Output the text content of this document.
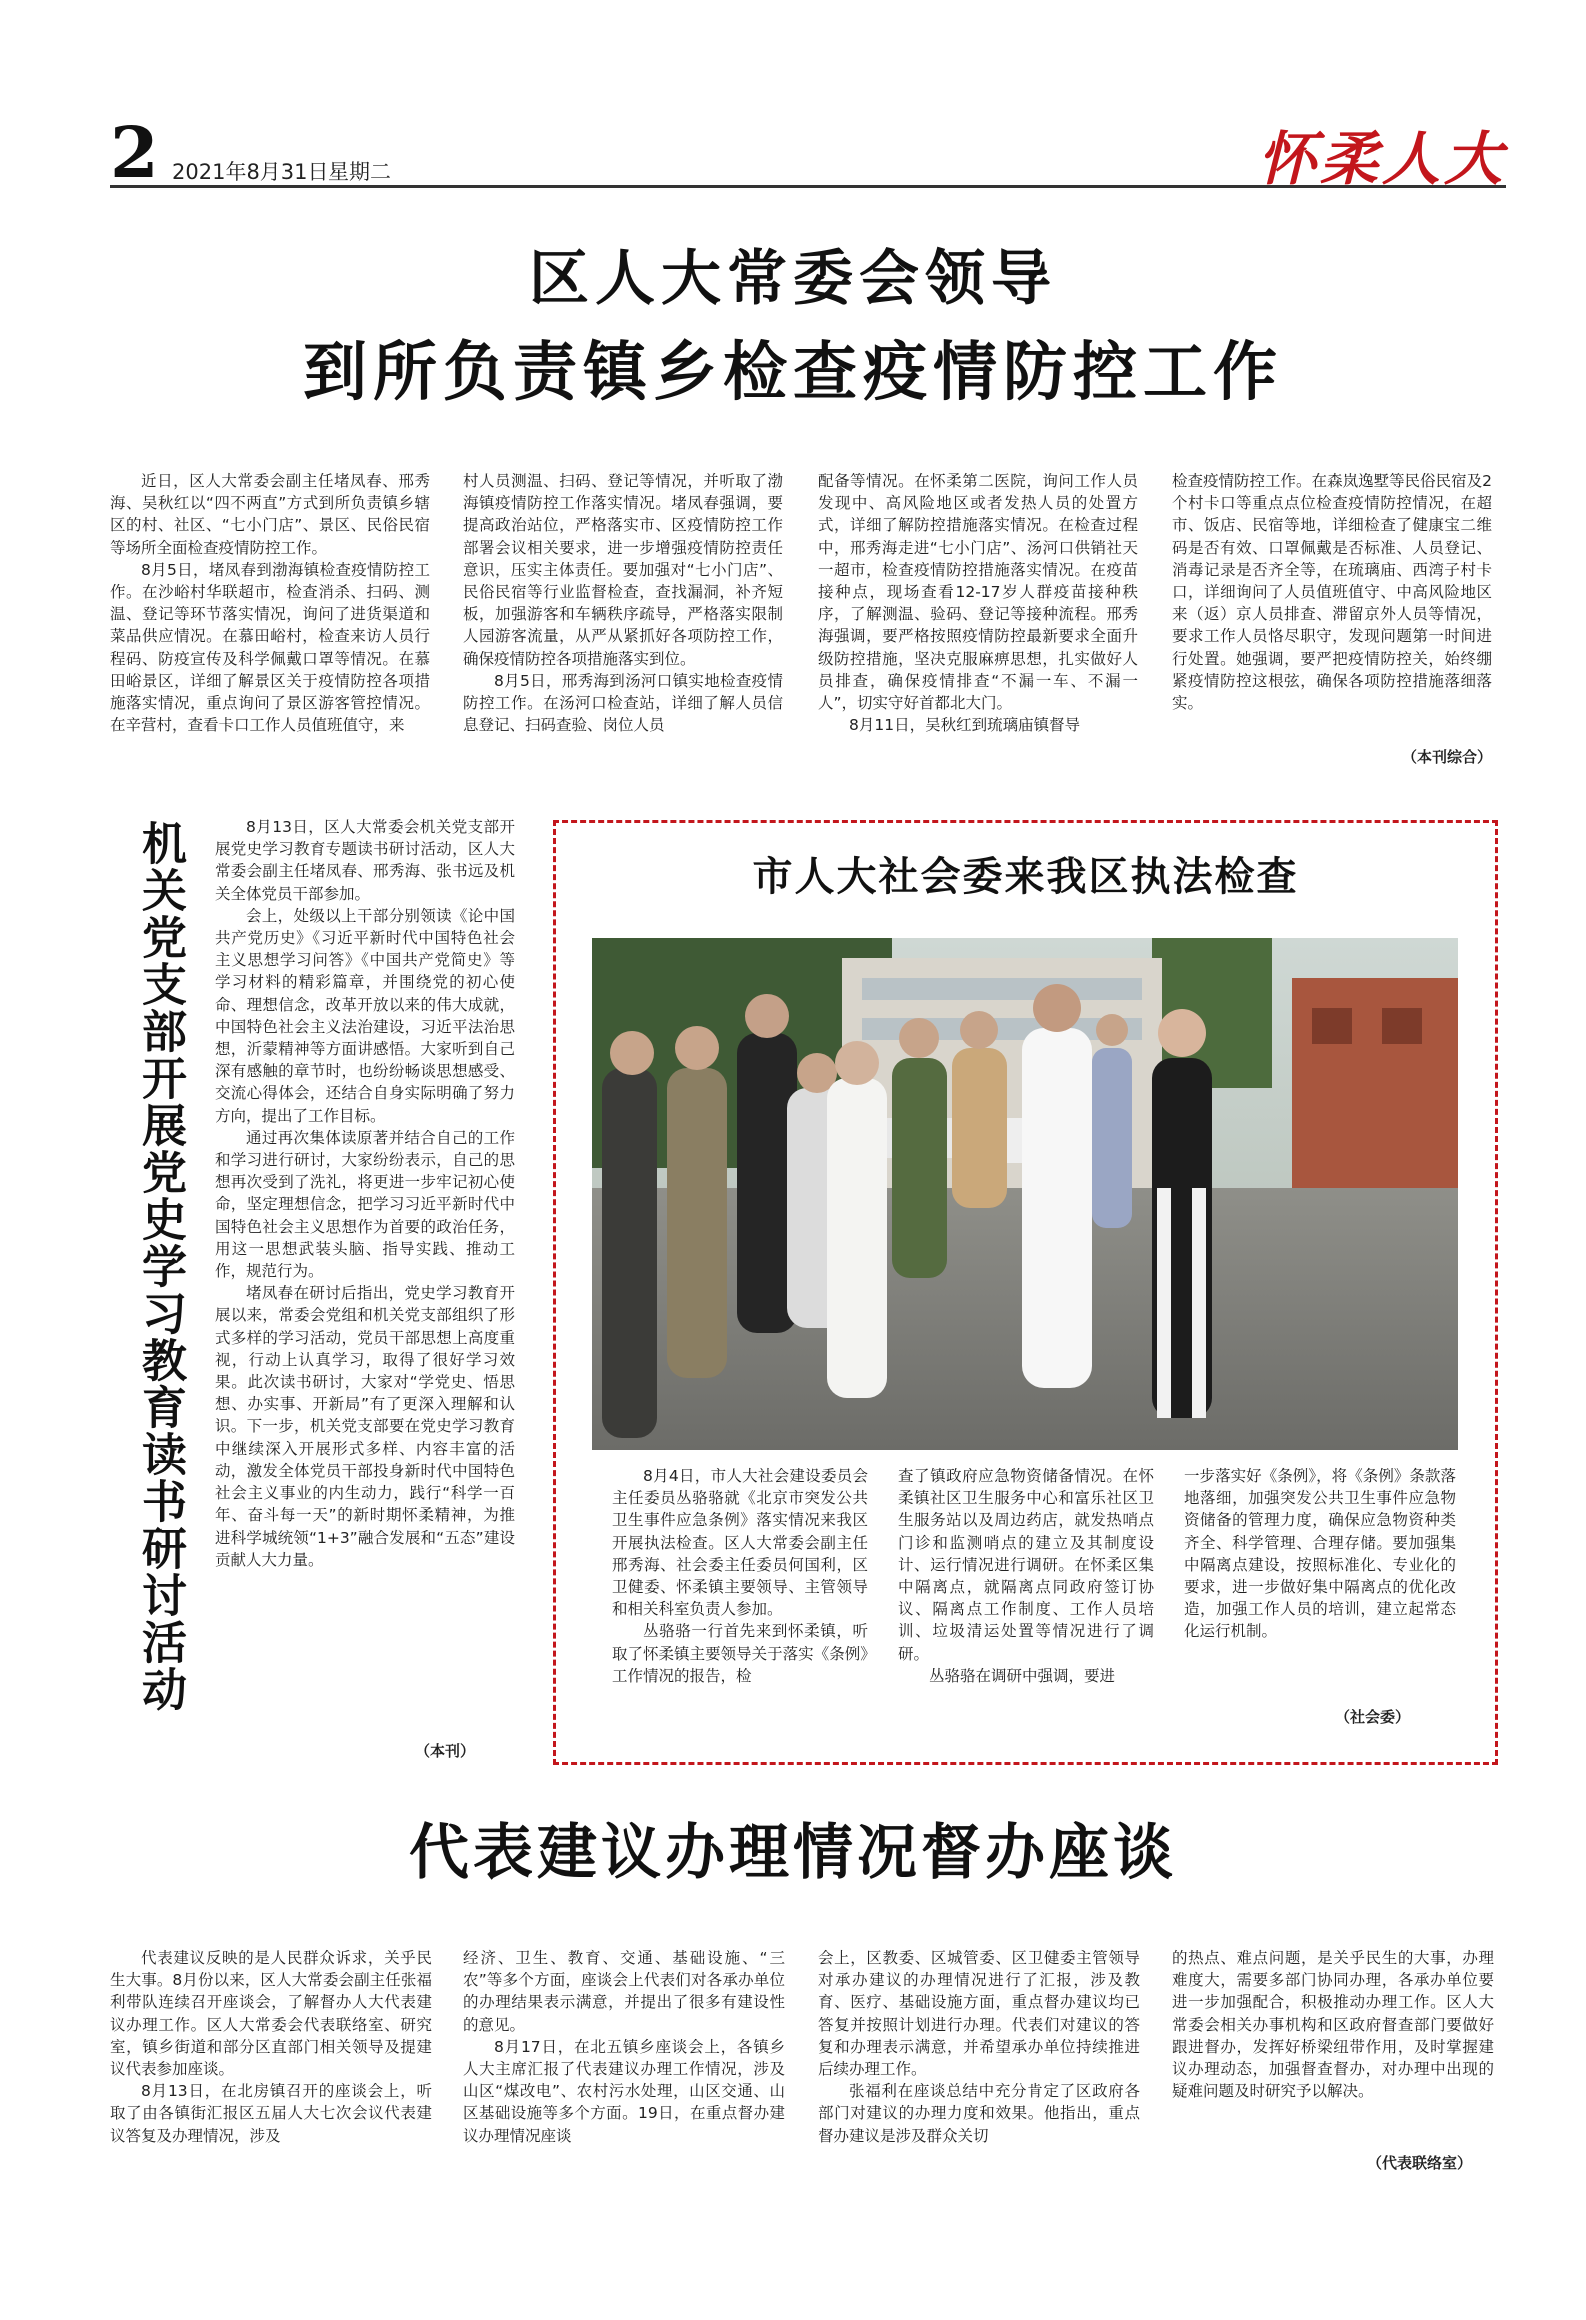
2 2021年8月31日 星期二	怀柔人大
区人大常委会领导
到所负责镇乡检查疫情防控工作

近日，区人大常委会副主任堵凤春、邢秀海、吴秋红以“四不两直”方式到所负责镇乡辖区的村、社区、“七小门店”、景区、民俗民宿等场所全面检查疫情防控工作。

8月5日，堵凤春到渤海镇检查疫情防控工作。在沙峪村华联超市，检查消杀、扫码、测温、登记等环节落实情况，询问了进货渠道和菜品供应情况。在慕田峪村，检查来访人员行程码、防疫宣传及科学佩戴口罩等情况。在慕田峪景区，详细了解景区关于疫情防控各项措施落实情况，重点询问了景区游客管控情况。在辛营村，查看卡口工作人员值班值守，来

村人员测温、扫码、登记等情况，并听取了渤海镇疫情防控工作落实情况。堵凤春强调，要提高政治站位，严格落实市、区疫情防控工作部署会议相关要求，进一步增强疫情防控责任意识，压实主体责任。要加强对“七小门店”、民俗民宿等行业监督检查，查找漏洞，补齐短板，加强游客和车辆秩序疏导，严格落实限制人园游客流量，从严从紧抓好各项防控工作，确保疫情防控各项措施落实到位。

8月5日，邢秀海到汤河口镇实地检查疫情防控工作。在汤河口检查站，详细了解人员信息登记、扫码查验、岗位人员

配备等情况。在怀柔第二医院，询问工作人员发现中、高风险地区或者发热人员的处置方式，详细了解防控措施落实情况。在检查过程中，邢秀海走进“七小门店”、汤河口供销社天一超市，检查疫情防控措施落实情况。在疫苗接种点，现场查看12-17岁人群疫苗接种秩序，了解测温、验码、登记等接种流程。邢秀海强调，要严格按照疫情防控最新要求全面升级防控措施，坚决克服麻痹思想，扎实做好人员排查，确保疫情排查“不漏一车、不漏一人”，切实守好首都北大门。

8月11日，吴秋红到琉璃庙镇督导

检查疫情防控工作。在森岚逸墅等民俗民宿及2个村卡口等重点点位检查疫情防控情况，在超市、饭店、民宿等地，详细检查了健康宝二维码是否有效、口罩佩戴是否标准、人员登记、消毒记录是否齐全等，在琉璃庙、西湾子村卡口，详细询问了人员值班值守、中高风险地区来（返）京人员排查、滞留京外人员等情况，要求工作人员恪尽职守，发现问题第一时间进行处置。她强调，要严把疫情防控关，始终绷紧疫情防控这根弦，确保各项防控措施落细落实。

（本刊综合）
机关党支部开展党史学习教育读书研讨活动	8月13日，区人大常委会机关党支部开展党史学习教育专题读书研讨活动，区人大常委会副主任堵凤春、邢秀海、张书远及机关全体党员干部参加。

会上，处级以上干部分别领读《论中国共产党历史》《习近平新时代中国特色社会主义思想学习问答》《中国共产党简史》等学习材料的精彩篇章，并围绕党的初心使命、理想信念，改革开放以来的伟大成就，中国特色社会主义法治建设，习近平法治思想，沂蒙精神等方面讲感悟。大家听到自己深有感触的章节时，也纷纷畅谈思想感受、交流心得体会，还结合自身实际明确了努力方向，提出了工作目标。

通过再次集体读原著并结合自己的工作和学习进行研讨，大家纷纷表示，自己的思想再次受到了洗礼，将更进一步牢记初心使命，坚定理想信念，把学习习近平新时代中国特色社会主义思想作为首要的政治任务，用这一思想武装头脑、指导实践、推动工作，规范行为。

堵凤春在研讨后指出，党史学习教育开展以来，常委会党组和机关党支部组织了形式多样的学习活动，党员干部思想上高度重视，行动上认真学习，取得了很好学习效果。此次读书研讨，大家对“学党史、悟思想、办实事、开新局”有了更深入理解和认识。下一步，机关党支部要在党史学习教育中继续深入开展形式多样、内容丰富的活动，激发全体党员干部投身新时代中国特色社会主义事业的内生动力，践行“科学一百年、奋斗每一天”的新时期怀柔精神，为推进科学城统领“1+3”融合发展和“五态”建设贡献人大力量。

（本刊）
市人大社会委来我区执法检查

8月4日，市人大社会建设委员会主任委员丛骆骆就《北京市突发公共卫生事件应急条例》落实情况来我区开展执法检查。区人大常委会副主任邢秀海、社会委主任委员何国利，区卫健委、怀柔镇主要领导、主管领导和相关科室负责人参加。

丛骆骆一行首先来到怀柔镇，听取了怀柔镇主要领导关于落实《条例》工作情况的报告，检

查了镇政府应急物资储备情况。在怀柔镇社区卫生服务中心和富乐社区卫生服务站以及周边药店，就发热哨点门诊和监测哨点的建立及其制度设计、运行情况进行调研。在怀柔区集中隔离点，就隔离点同政府签订协议、隔离点工作制度、工作人员培训、垃圾清运处置等情况进行了调研。

丛骆骆在调研中强调，要进

一步落实好《条例》，将《条例》条款落地落细，加强突发公共卫生事件应急物资储备的管理力度，确保应急物资种类齐全、科学管理、合理存储。要加强集中隔离点建设，按照标准化、专业化的要求，进一步做好集中隔离点的优化改造，加强工作人员的培训，建立起常态化运行机制。

（社会委）
代表建议办理情况督办座谈

代表建议反映的是人民群众诉求，关乎民生大事。8月份以来，区人大常委会副主任张福利带队连续召开座谈会，了解督办人大代表建议办理工作。区人大常委会代表联络室、研究室，镇乡街道和部分区直部门相关领导及提建议代表参加座谈。

8月13日，在北房镇召开的座谈会上，听取了由各镇街汇报区五届人大七次会议代表建议答复及办理情况，涉及

经济、卫生、教育、交通、基础设施、“三农”等多个方面，座谈会上代表们对各承办单位的办理结果表示满意，并提出了很多有建设性的意见。

8月17日，在北五镇乡座谈会上，各镇乡人大主席汇报了代表建议办理工作情况，涉及山区“煤改电”、农村污水处理，山区交通、山区基础设施等多个方面。19日，在重点督办建议办理情况座谈

会上，区教委、区城管委、区卫健委主管领导对承办建议的办理情况进行了汇报，涉及教育、医疗、基础设施方面，重点督办建议均已答复并按照计划进行办理。代表们对建议的答复和办理表示满意，并希望承办单位持续推进后续办理工作。

张福利在座谈总结中充分肯定了区政府各部门对建议的办理力度和效果。他指出，重点督办建议是涉及群众关切

的热点、难点问题，是关乎民生的大事，办理难度大，需要多部门协同办理，各承办单位要进一步加强配合，积极推动办理工作。区人大常委会相关办事机构和区政府督查部门要做好跟进督办，发挥好桥梁纽带作用，及时掌握建议办理动态，加强督查督办，对办理中出现的疑难问题及时研究予以解决。

（代表联络室）
